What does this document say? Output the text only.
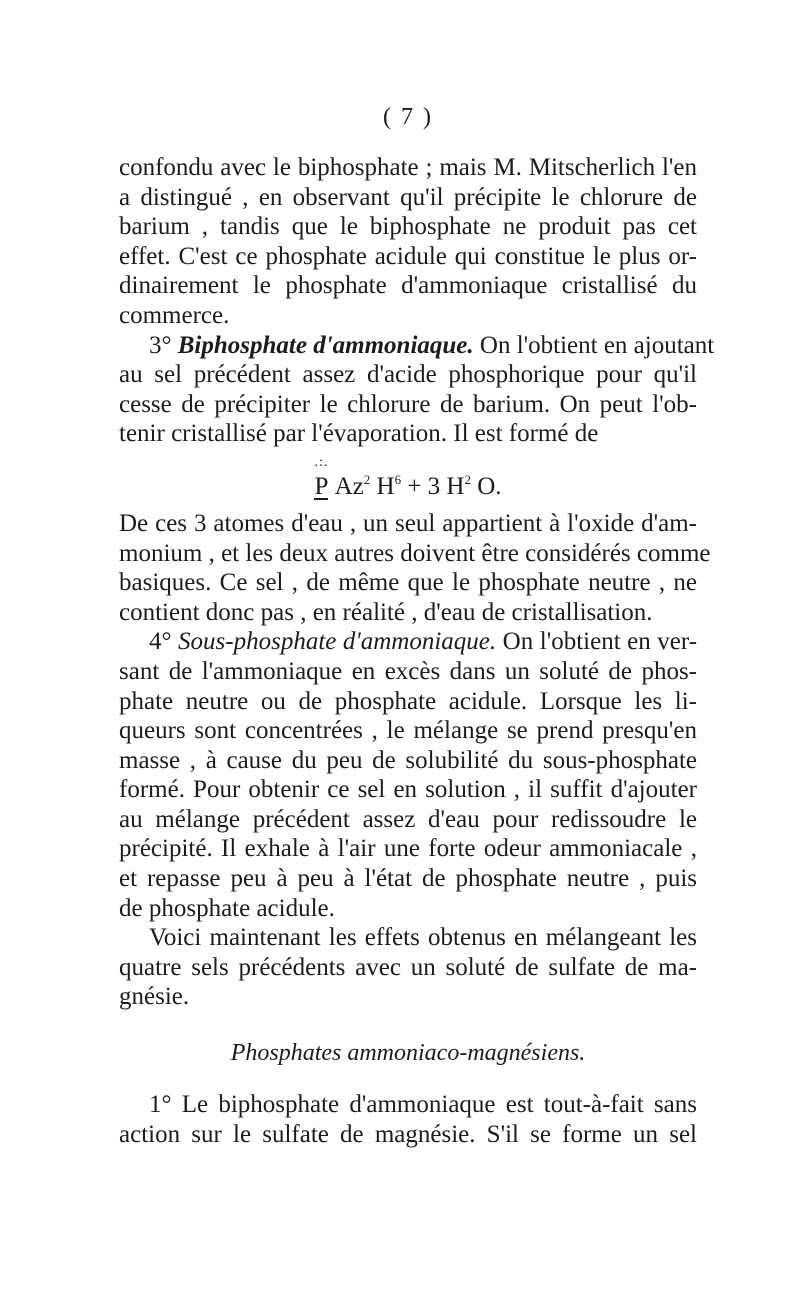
( 7 )
confondu avec le biphosphate ; mais M. Mitscherlich l'en
a distingué , en observant qu'il précipite le chlorure de
barium , tandis que le biphosphate ne produit pas cet
effet. C'est ce phosphate acidule qui constitue le plus or-
dinairement le phosphate d'ammoniaque cristallisé du
commerce.
3° Biphosphate d'ammoniaque. On l'obtient en ajoutant
au sel précédent assez d'acide phosphorique pour qu'il
cesse de précipiter le chlorure de barium. On peut l'ob-
tenir cristallisé par l'évaporation. Il est formé de
.:.
P Az$^2$ $H^6 + 3$ $H^2$ O.
De ces 3 atomes d'eau , un seul appartient à l'oxide d'am-
monium , et les deux autres doivent être considérés comme
basiques. Ce sel , de même que le phosphate neutre , ne
contient donc pas , en réalité , d'eau de cristallisation.
4° Sous-phosphate d'ammoniaque. On l'obtient en ver-
sant de l'ammoniaque en excès dans un soluté de phos-
phate neutre ou de phosphate acidule. Lorsque les li-
queurs sont concentrées , le mélange se prend presqu'en
masse , à cause du peu de solubilité du sous-phosphate
formé. Pour obtenir ce sel en solution , il suffit d'ajouter
au mélange précédent assez d'eau pour redissoudre le
précipité. Il exhale à l'air une forte odeur ammoniacale ,
et repasse peu à peu à l'état de phosphate neutre , puis
de phosphate acidule.
Voici maintenant les effets obtenus en mélangeant les
quatre sels précédents avec un soluté de sulfate de ma-
gnésie.
Phosphates ammoniaco-magnésiens.
1° Le biphosphate d'ammoniaque est tout-à-fait sans
action sur le sulfate de magnésie. S'il se forme un sel
